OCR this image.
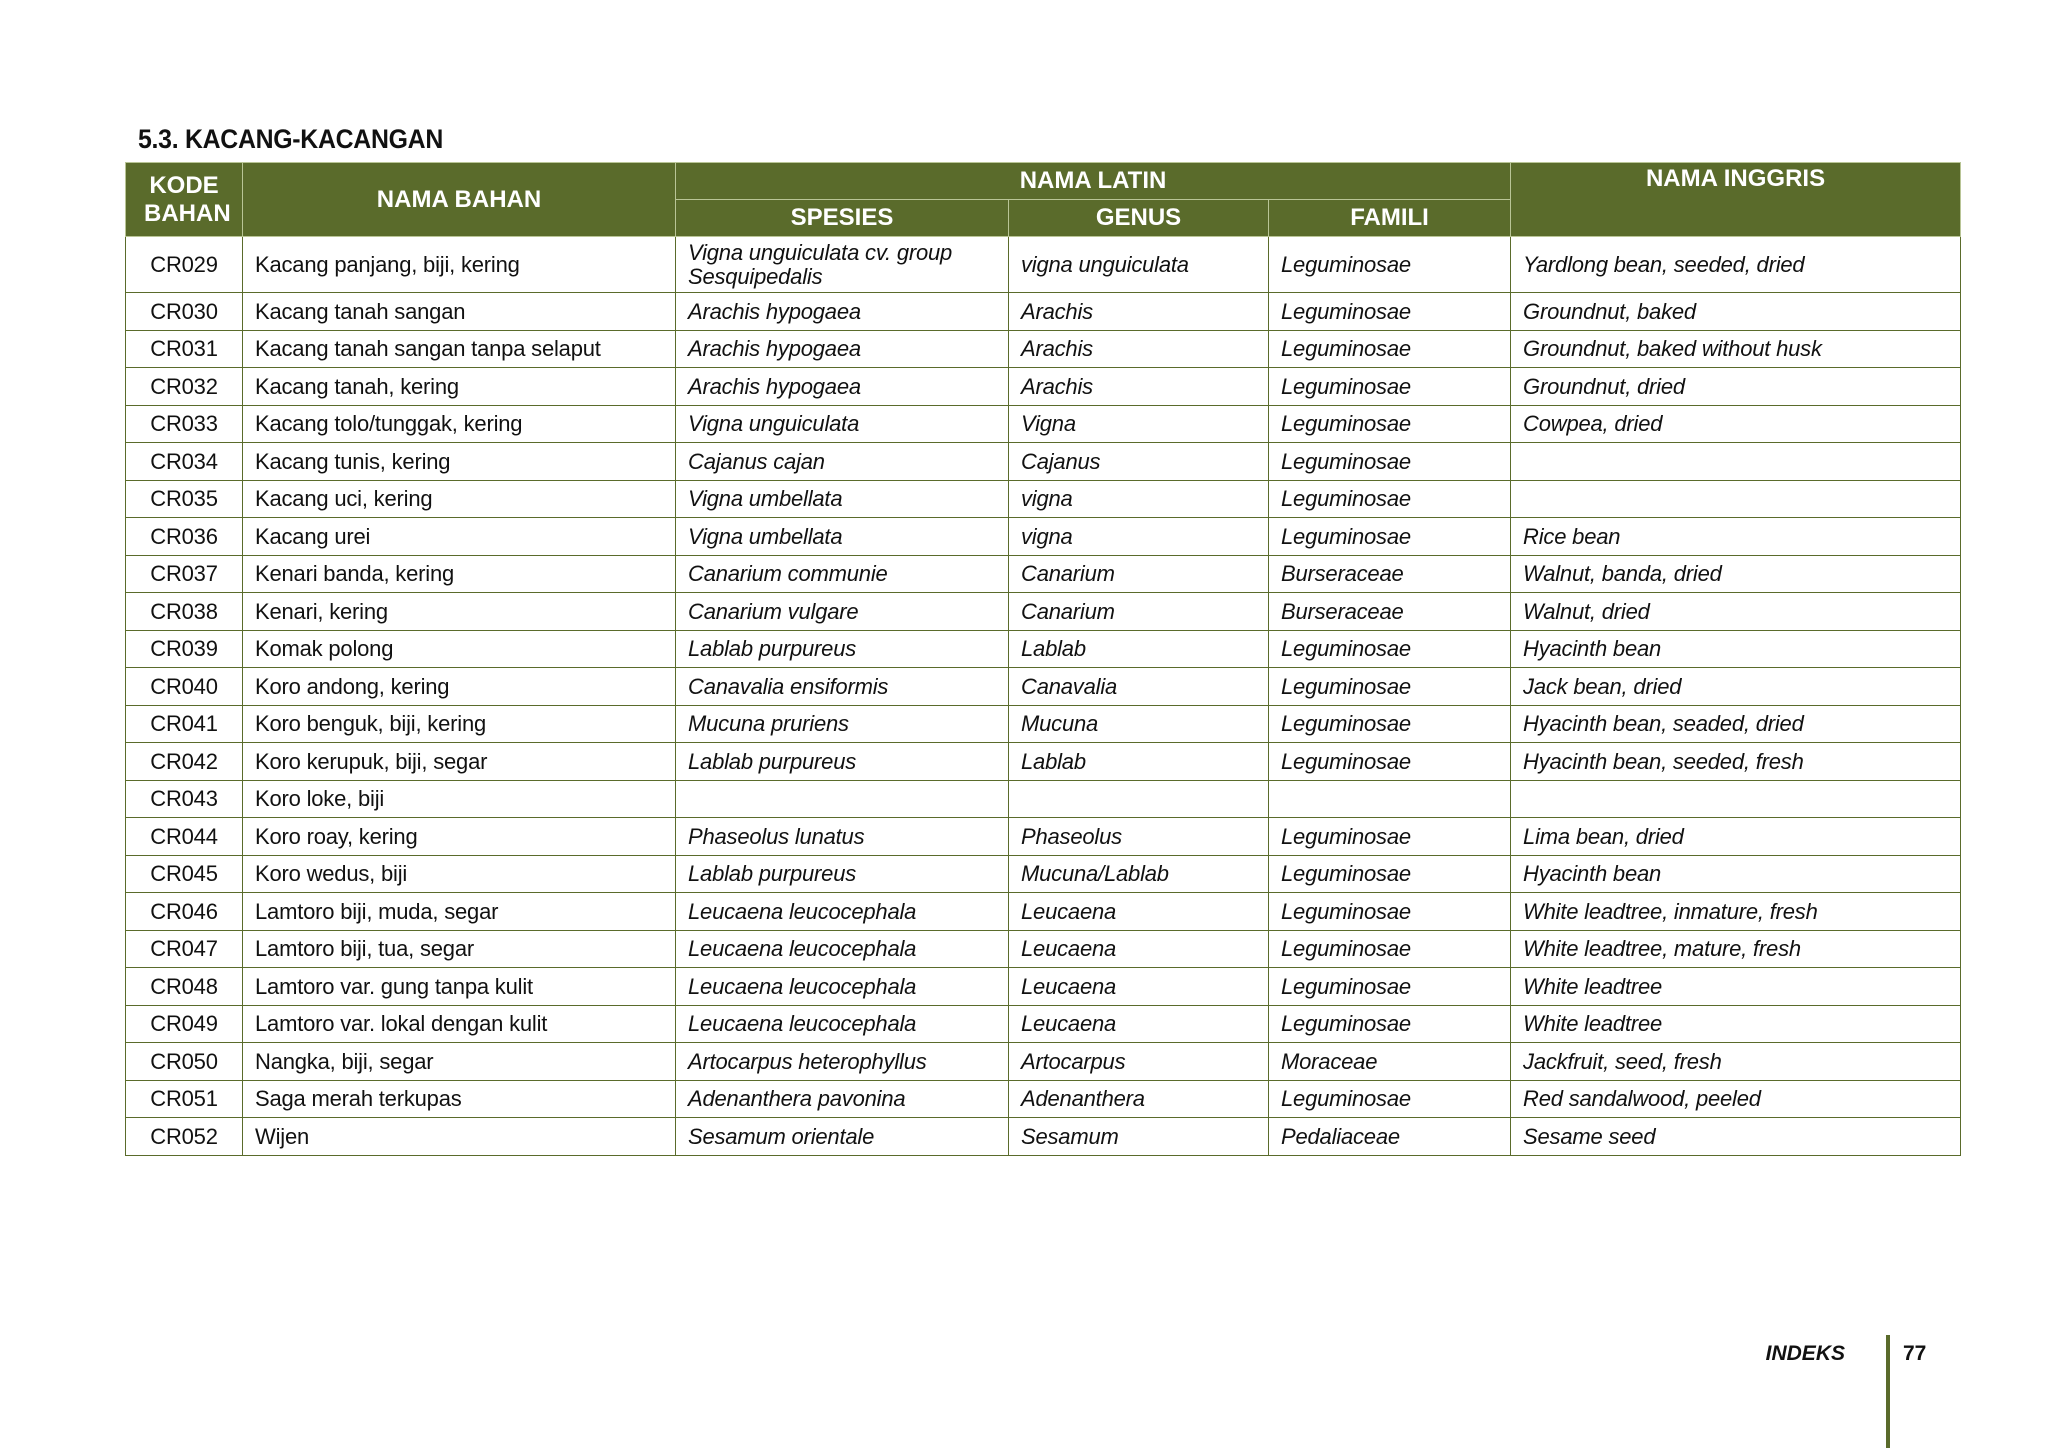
5.3. KACANG-KACANGAN
KODE BAHAN	NAMA BAHAN	NAMA LATIN			NAMA INGGRIS
		SPESIES	GENUS	FAMILI	
CR029	Kacang panjang, biji, kering	Vigna unguiculata cv. group Sesquipedalis	vigna unguiculata	Leguminosae	Yardlong bean, seeded, dried
CR030	Kacang tanah sangan	Arachis hypogaea	Arachis	Leguminosae	Groundnut, baked
CR031	Kacang tanah sangan tanpa selaput	Arachis hypogaea	Arachis	Leguminosae	Groundnut, baked without husk
CR032	Kacang tanah, kering	Arachis hypogaea	Arachis	Leguminosae	Groundnut, dried
CR033	Kacang tolo/tunggak, kering	Vigna unguiculata	Vigna	Leguminosae	Cowpea, dried
CR034	Kacang tunis, kering	Cajanus cajan	Cajanus	Leguminosae	
CR035	Kacang uci, kering	Vigna umbellata	vigna	Leguminosae	
CR036	Kacang urei	Vigna umbellata	vigna	Leguminosae	Rice bean
CR037	Kenari banda, kering	Canarium communie	Canarium	Burseraceae	Walnut, banda, dried
CR038	Kenari, kering	Canarium vulgare	Canarium	Burseraceae	Walnut, dried
CR039	Komak polong	Lablab purpureus	Lablab	Leguminosae	Hyacinth bean
CR040	Koro andong, kering	Canavalia ensiformis	Canavalia	Leguminosae	Jack bean, dried
CR041	Koro benguk, biji, kering	Mucuna pruriens	Mucuna	Leguminosae	Hyacinth bean, seaded, dried
CR042	Koro kerupuk, biji, segar	Lablab purpureus	Lablab	Leguminosae	Hyacinth bean, seeded, fresh
CR043	Koro loke, biji				
CR044	Koro roay, kering	Phaseolus lunatus	Phaseolus	Leguminosae	Lima bean, dried
CR045	Koro wedus, biji	Lablab purpureus	Mucuna/Lablab	Leguminosae	Hyacinth bean
CR046	Lamtoro biji, muda, segar	Leucaena leucocephala	Leucaena	Leguminosae	White leadtree, inmature, fresh
CR047	Lamtoro biji, tua, segar	Leucaena leucocephala	Leucaena	Leguminosae	White leadtree, mature, fresh
CR048	Lamtoro var. gung tanpa kulit	Leucaena leucocephala	Leucaena	Leguminosae	White leadtree
CR049	Lamtoro var. lokal dengan kulit	Leucaena leucocephala	Leucaena	Leguminosae	White leadtree
CR050	Nangka, biji, segar	Artocarpus heterophyllus	Artocarpus	Moraceae	Jackfruit, seed, fresh
CR051	Saga merah terkupas	Adenanthera pavonina	Adenanthera	Leguminosae	Red sandalwood, peeled
CR052	Wijen	Sesamum orientale	Sesamum	Pedaliaceae	Sesame seed
INDEKS	77
